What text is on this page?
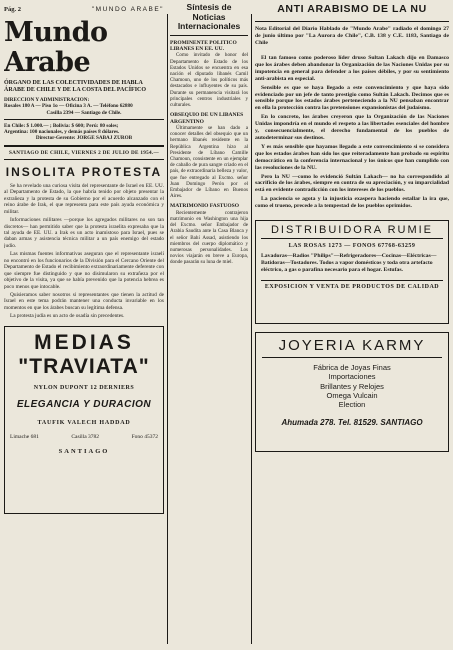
Pág. 2	"MUNDO ARABE"
Mundo Arabe
ÓRGANO DE LAS COLECTIVIDADES DE HABLA ÁRABE DE CHILE Y DE LA COSTA DEL PACÍFICO
DIRECCION Y ADMINISTRACION:
Rosales 180 A — Piso 1o — Oficina 3 A. — Teléfono 62880
Casilla 2394 — Santiago de Chile.
En Chile: $ 1.000.— ; Bolivia: $ 600; Perú: 80 soles;
Argentina: 100 nacionales, y demás países 8 dólares.
Director-Gerente: JORGE SABAJ ZUROB
SANTIAGO DE CHILE, VIERNES 2 DE JULIO DE 1954.—
INSOLITA PROTESTA

Se ha revelado una curiosa visita del representante de Israel en EE. UU. al Departamento de Estado, la que habría tenido por objeto presentar la extrañeza y la protesta de su Gobierno por el acuerdo alcanzado con el reino árabe de Irak, el que representa para este país ayuda económica y militar.

Informaciones militares —porque los agregados militares no son tan discretos— han permitido saber que la protesta israelita expresaba que la tal ayuda de EE. UU. a Irak es un acto inamistoso para Israel, pues se daban armas y asistencia técnica militar a un país enemigo del estado judío.

Las mismas fuentes informativas aseguran que el representante israelí no encontró en los funcionarios de la División para el Cercano Oriente del Departamento de Estado el recibimiento extraordinariamente deferente con que siempre fue distinguido y que no disimularon su extrañeza por el objetivo de la visita, ya que se había prevenido que la potencia hebrea es poco menos que intocable.

Quisieramos saber nosotros si representantes que tienen la actitud de Israel en este tema podrán mantener una conducta invariable en los momentos en que los árabes buscan su legítima defensa.

La protesta judía es un acto de osadía sin precedentes.

MEDIAS
"TRAVIATA"
NYLON DUPONT 12 DERNIERS
ELEGANCIA Y DURACION
TAUFIK VALECH HADDAD
Limache 681	Casilla 3782	Fono 45372
SANTIAGO
Síntesis de Noticias Internacionales
PROMINENTE POLITICO LIBANES EN EE. UU.

Como invitado de honor del Departamento de Estado de los Estados Unidos se encuentra en esa nación el diputado libanés Camil Chamoun, uno de los políticos más destacados e influyentes de su país. Durante su permanencia visitará los principales centros industriales y culturales.

OBSEQUIO DE UN LIBANES ARGENTINO

Últimamente se han dado a conocer detalles del obsequio que un hermano libanés residente en la República Argentina hizo al Presidente de Líbano Camille Chamoun, consistente en un ejemplar de caballo de pura sangre criado en el país, de extraordinaria belleza y valor, que fue entregado al Excmo. señor Juan Domingo Perón por el Embajador de Líbano en Buenos Aires.

MATRIMONIO FASTUOSO

Recientemente contrajeron matrimonio en Washington una hija del Excmo. señor Embajador de Arabia Saudita ante la Casa Blanca y el señor Bahí Assad, asistiendo los miembros del cuerpo diplomático y numerosas personalidades. Los novios viajarán en breve a Europa, donde pasarán su luna de miel.

ANTI ARABISMO DE LA NU
Nota Editorial del Diario Hablado de "Mundo Arabe" radiado el domingo 27 de junio último por "La Aurora de Chile", C.B. 138 y C.E. 1183, Santiago de Chile

El tan famoso como poderoso líder druso Sultan Lakach dijo en Damasco que los árabes deben abandonar la Organización de las Naciones Unidas por su impotencia en general para defender a los países débiles, y por su sentimiento anti-arabista en especial.

Sensible es que se haya llegado a este convencimiento y que haya sido evidenciado por un jefe de tanto prestigio como Sultán Lakach. Decimos que es sensible porque los estados árabes perteneciendo a la NU pensaban encontrar en ella la protección contra las pretensiones expansionistas del judaísmo.

En lo concreto, los árabes creyeron que la Organización de las Naciones Unidas impondría en el mundo el respeto a las libertades esenciales del hombre y, consecuencialmente, el derecho fundamental de los pueblos de autodeterminar sus destinos.

Y es más sensible que hayamos llegado a este convencimiento si se considera que los estados árabes han sido los que reiteradamente han probado su espíritu democrático en la conferencia internacional y los únicos que han cumplido con las resoluciones de la NU.

Pero la NU —como lo evidenció Sultán Lakach— no ha correspondido al sacrificio de los árabes, siempre en contra de su apreciación, y su imparcialidad está en evidente contradicción con los intereses de los pueblos.

La paciencia se agota y la injusticia exaspera haciendo estallar la ira que, como el trueno, precede a la tempestad de los pueblos oprimidos.

DISTRIBUIDORA RUMIE
LAS ROSAS 1273 — FONOS 67768-63259
Lavadoras—Radios "Philips"—Refrigeradores—Cocinas—Eléctricas—Batidoras—Tostadores. Todos a vapor domésticos y toda otra artefacto eléctrico, a gas o parafina necesario para el hogar. Estufas.
EXPOSICION Y VENTA DE PRODUCTOS DE CALIDAD
JOYERIA KARMY
Fábrica de Joyas Finas
Importaciones
Brillantes y Relojes
Omega Vulcain
Election
Ahumada 278. Tel. 81529. SANTIAGO
